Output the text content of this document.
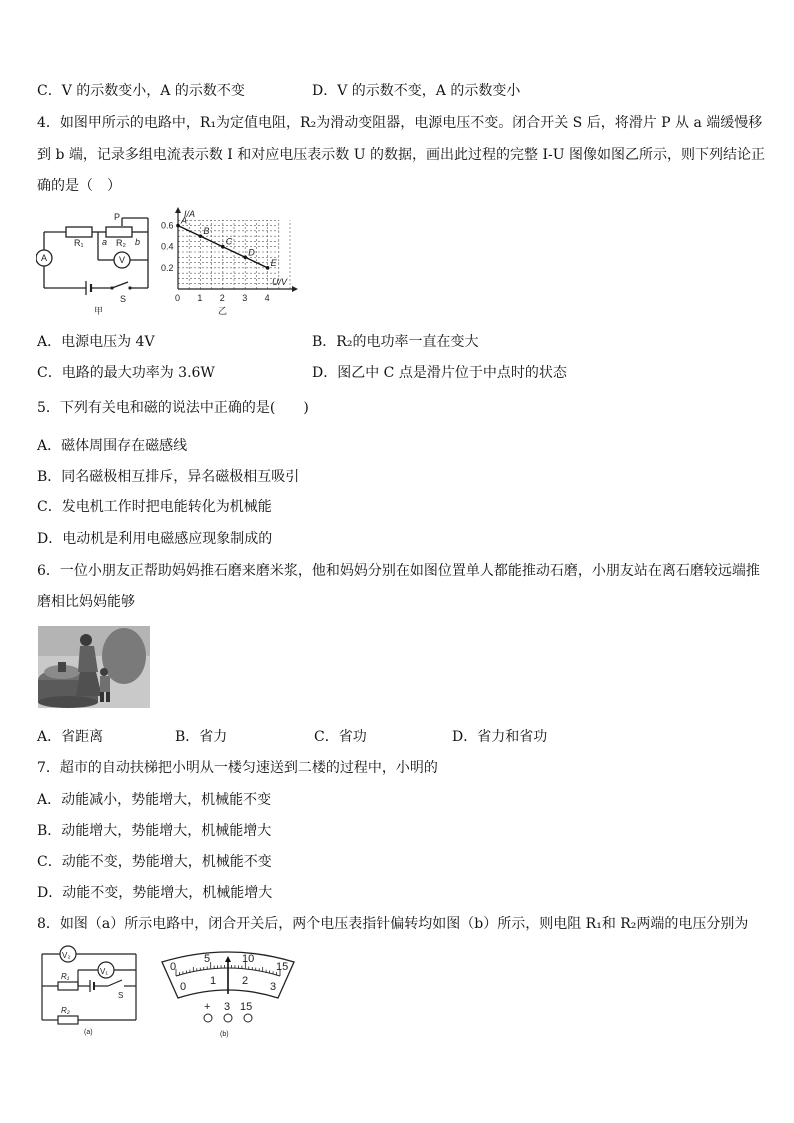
C．V 的示数变小，A 的示数不变	D．V 的示数不变，A 的示数变小
4．如图甲所示的电路中，R₁为定值电阻，R₂为滑动变阻器，电源电压不变。闭合开关 S 后，将滑片 P 从 a 端缓慢移
到 b 端，记录多组电流表示数 I 和对应电压表示数 U 的数据，画出此过程的完整 I-U 图像如图乙所示，则下列结论正
确的是（　）
R₁	R₂
P
a	b
A	V
S
甲
A
B
C
D
E
0 1 2 3 4
0.2
0.4
0.6
I/A
U/V
乙
A．电源电压为 4V	B．R₂的电功率一直在变大
C．电路的最大功率为 3.6W	D．图乙中 C 点是滑片位于中点时的状态
5．下列有关电和磁的说法中正确的是(　　)
A．磁体周围存在磁感线
B．同名磁极相互排斥，异名磁极相互吸引
C．发电机工作时把电能转化为机械能
D．电动机是利用电磁感应现象制成的
6．一位小朋友正帮助妈妈推石磨来磨米浆，他和妈妈分别在如图位置单人都能推动石磨，小朋友站在离石磨较远端推
磨相比妈妈能够
A．省距离	B．省力	C．省功	D．省力和省功
7．超市的自动扶梯把小明从一楼匀速送到二楼的过程中，小明的
A．动能减小，势能增大，机械能不变
B．动能增大，势能增大，机械能增大
C．动能不变，势能增大，机械能不变
D．动能不变，势能增大，机械能增大
8．如图（a）所示电路中，闭合开关后，两个电压表指针偏转均如图（b）所示，则电阻 R₁和 R₂两端的电压分别为
V₂
V₁
R₁
R₂
S
(a)
0
5	10
15
0 1 2 3
+ 3 15
(b)
